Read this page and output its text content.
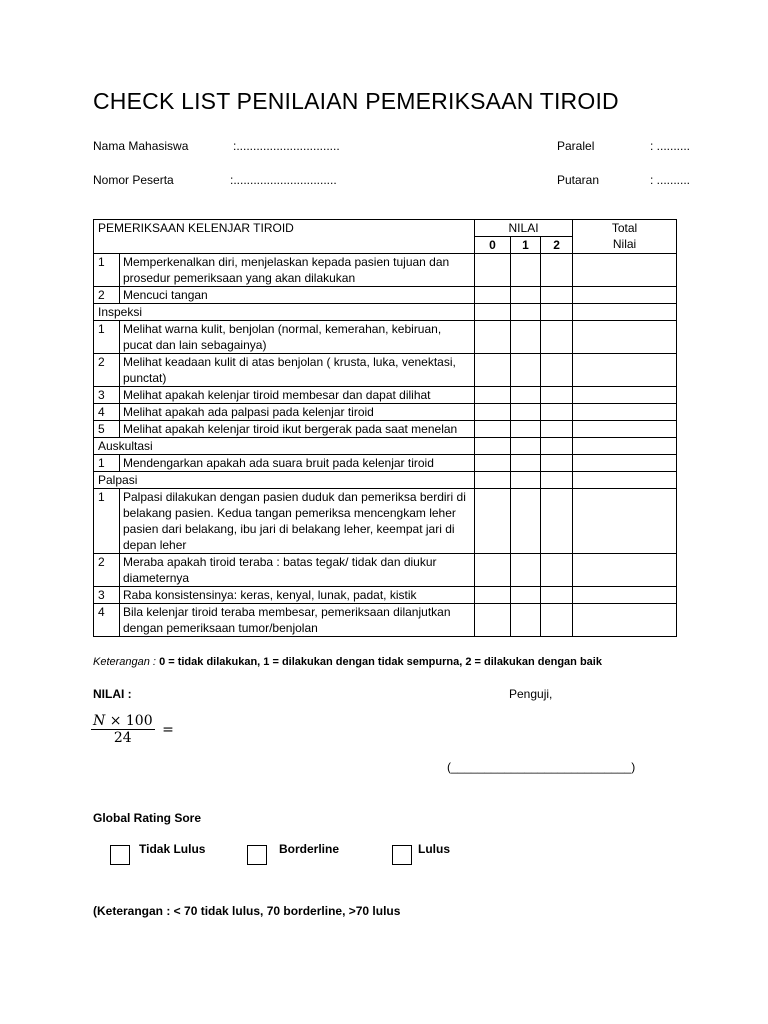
CHECK LIST PENILAIAN PEMERIKSAAN TIROID
Nama Mahasiswa	:...............................	Paralel	: ..........
Nomor Peserta	:...............................	Putaran	: ..........
PEMERIKSAAN KELENJAR TIROID		NILAI			Total
Nilai
		0	1	2	
1	Memperkenalkan diri, menjelaskan kepada pasien tujuan dan prosedur pemeriksaan yang akan dilakukan				
2	Mencuci tangan				
Inspeksi					
1	Melihat warna kulit, benjolan (normal, kemerahan, kebiruan, pucat dan lain sebagainya)				
2	Melihat keadaan kulit di atas benjolan ( krusta, luka, venektasi, punctat)				
3	Melihat apakah kelenjar tiroid membesar dan dapat dilihat				
4	Melihat apakah ada palpasi pada kelenjar tiroid				
5	Melihat apakah kelenjar tiroid ikut bergerak pada saat menelan				
Auskultasi					
1	Mendengarkan apakah ada suara bruit pada kelenjar tiroid				
Palpasi					
1	Palpasi dilakukan dengan pasien duduk dan pemeriksa berdiri di belakang pasien. Kedua tangan pemeriksa mencengkam leher pasien dari belakang, ibu jari di belakang leher, keempat jari di depan leher				
2	Meraba apakah tiroid teraba : batas tegak/ tidak dan diukur diameternya				
3	Raba konsistensinya: keras, kenyal, lunak, padat, kistik				
4	Bila kelenjar tiroid teraba membesar, pemeriksaan dilanjutkan dengan pemeriksaan tumor/benjolan				
Keterangan : 0 = tidak dilakukan, 1 = dilakukan dengan tidak sempurna, 2 = dilakukan dengan baik
NILAI :	Penguji,
$\frac{N \times 100}{24}$ =
(___________________________)
Global Rating Sore
Tidak Lulus	Borderline	Lulus
(Keterangan : < 70 tidak lulus, 70 borderline, >70 lulus
